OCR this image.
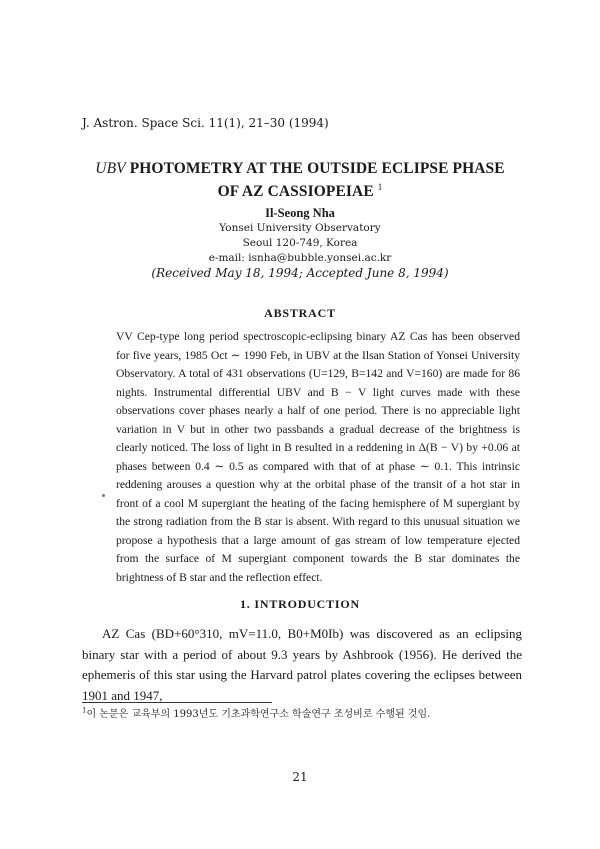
J. Astron. Space Sci. 11(1), 21–30 (1994)
UBV PHOTOMETRY AT THE OUTSIDE ECLIPSE PHASE
OF AZ CASSIOPEIAE $^1$
Il-Seong Nha
Yonsei University Observatory
Seoul 120-749, Korea
e-mail: isnha@bubble.yonsei.ac.kr
(Received May 18, 1994; Accepted June 8, 1994)
ABSTRACT

VV Cep-type long period spectroscopic-eclipsing binary AZ Cas has been observed for five years, 1985 Oct ∼ 1990 Feb, in UBV at the Ilsan Station of Yonsei University Observatory. A total of 431 observations (U=129, B=142 and V=160) are made for 86 nights. Instrumental differential UBV and B − V light curves made with these observations cover phases nearly a half of one period. There is no appreciable light variation in V but in other two passbands a gradual decrease of the brightness is clearly noticed. The loss of light in B resulted in a reddening in Δ(B − V) by +0.06 at phases between 0.4 ∼ 0.5 as compared with that of at phase ∼ 0.1. This intrinsic reddening arouses a question why at the orbital phase of the transit of a hot star in front of a cool M supergiant the heating of the facing hemisphere of M supergiant by the strong radiation from the B star is absent. With regard to this unusual situation we propose a hypothesis that a large amount of gas stream of low temperature ejected from the surface of M supergiant component towards the B star dominates the brightness of B star and the reflection effect.

1. INTRODUCTION

AZ Cas (BD+60°310, mV=11.0, B0+M0Ib) was discovered as an eclipsing binary star with a period of about 9.3 years by Ashbrook (1956). He derived the ephemeris of this star using the Harvard patrol plates covering the eclipses between 1901 and 1947,

$^1$이 논문은 교육부의 1993년도 기초과학연구소 학술연구 조성비로 수행된 것임.
21
